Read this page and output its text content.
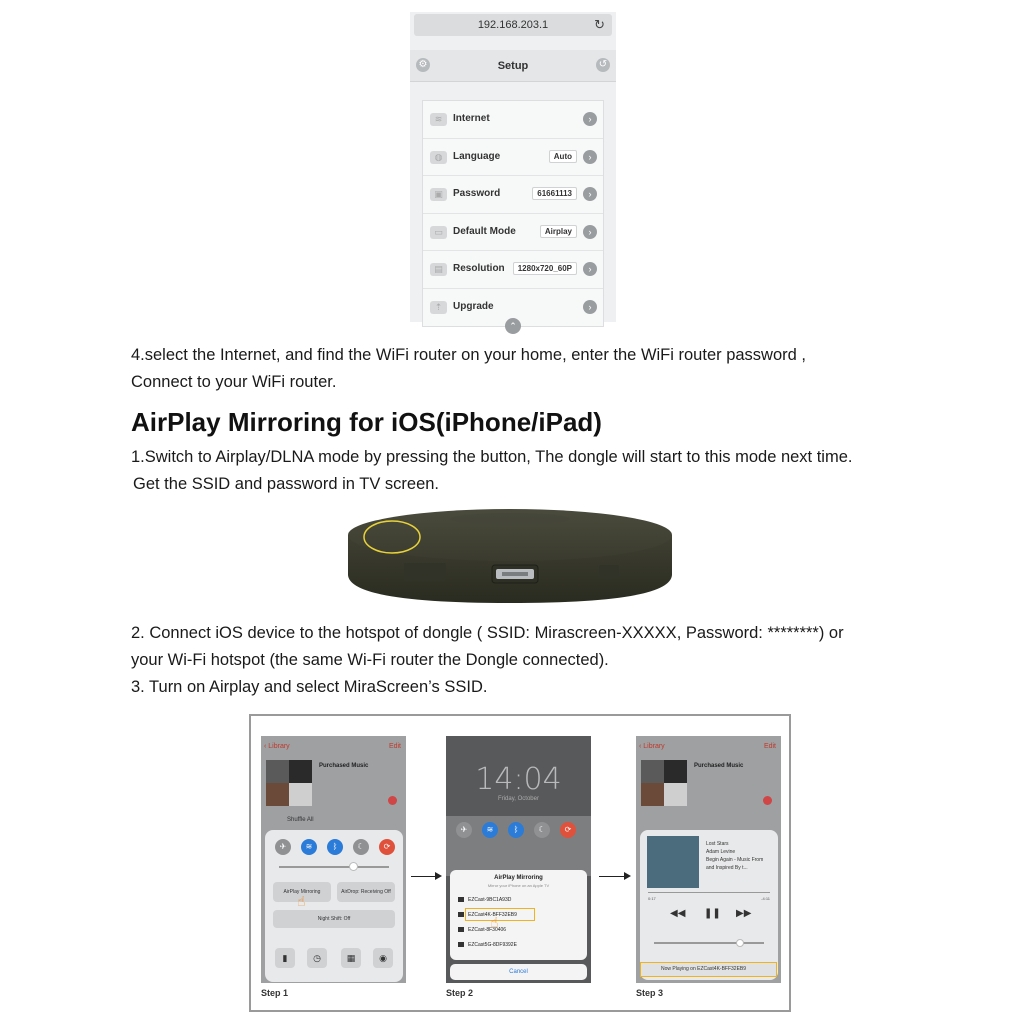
192.168.203.1	↻
⚙	Setup	↺
≋	Internet	›
◍	Language	Auto	›
▣	Password	61661113	›
▭	Default Mode	Airplay	›
▤	Resolution	1280x720_60P	›
⇡	Upgrade	›
⌃
4.select the Internet, and find the WiFi router on your home, enter the WiFi router password ,
Connect to your WiFi router.
AirPlay Mirroring for iOS(iPhone/iPad)
1.Switch to Airplay/DLNA mode by pressing the button, The dongle will start to this mode next time.
Get the SSID and password in TV screen.
2. Connect iOS device to the hotspot of dongle ( SSID: Mirascreen-XXXXX, Password: ********) or
your Wi-Fi hotspot (the same Wi-Fi router the Dongle connected).
3. Turn on Airplay and select MiraScreen’s SSID.
‹ Library	Edit
Purchased Music
Shuffle All
✈	≋	ᛒ	☾	⟳
AirPlay Mirroring	AirDrop: Receiving Off
☝
Night Shift: Off
▮	◷	▦	◉
Step 1
14:04
Friday, October
✈	≋	ᛒ	☾	⟳
AirPlay Mirroring
Mirror your iPhone on an Apple TV
EZCast-9BC1A93D
EZCast4K-BFF32EB9
☝
EZCast-8F30406
EZCast5G-8DF9392E
Cancel
Step 2
‹ Library	Edit
Purchased Music
Lost Stars
Adam Levine
Begin Again - Music From and Inspired By t...
0:17	-4:11
◀◀ ❚❚ ▶▶
Now Playing on EZCast4K-BFF32EB9
Step 3
